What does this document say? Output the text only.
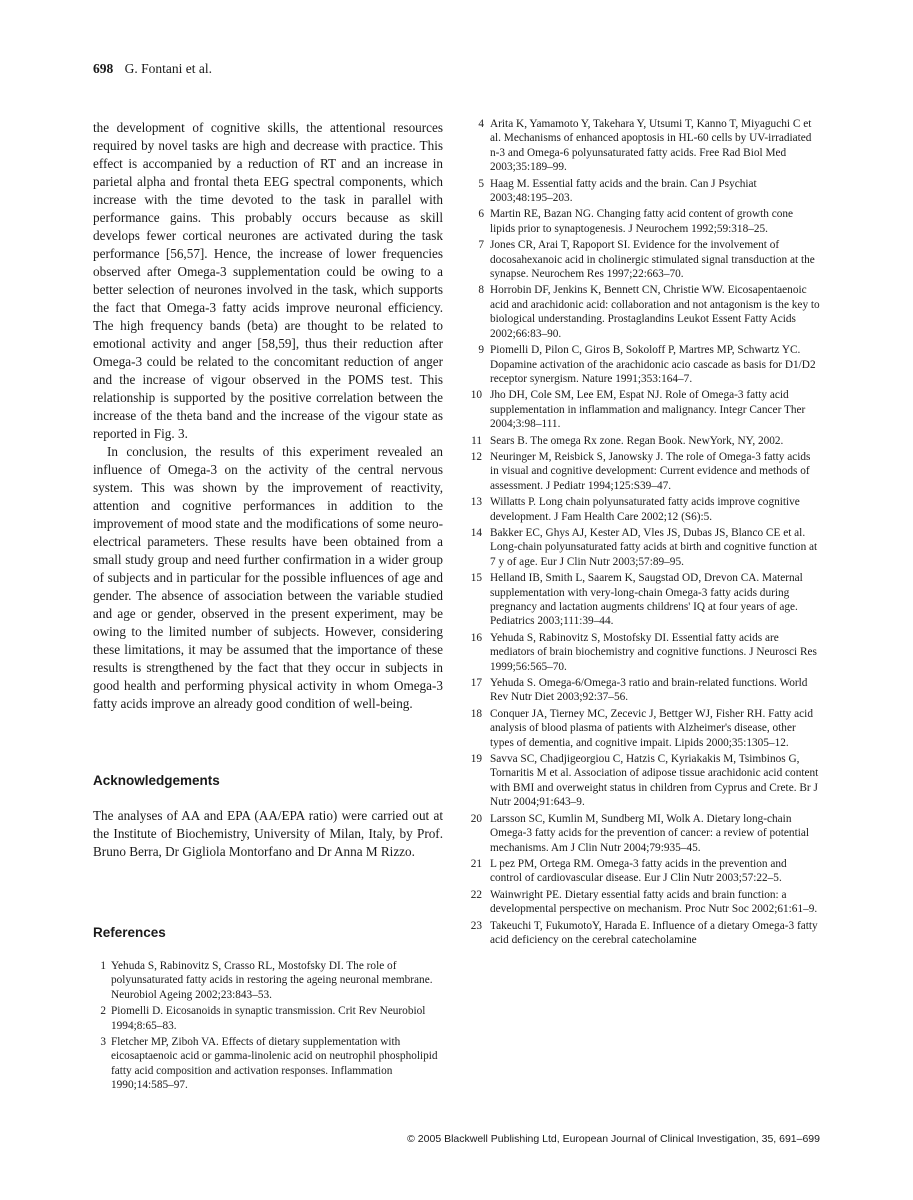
698 G. Fontani et al.

the development of cognitive skills, the attentional resources required by novel tasks are high and decrease with practice. This effect is accompanied by a reduction of RT and an increase in parietal alpha and frontal theta EEG spectral components, which increase with the time devoted to the task in parallel with performance gains. This probably occurs because as skill develops fewer cortical neurones are activated during the task performance [56,57]. Hence, the increase of lower frequencies observed after Omega-3 supplementation could be owing to a better selection of neurones involved in the task, which supports the fact that Omega-3 fatty acids improve neuronal efficiency. The high frequency bands (beta) are thought to be related to emotional activity and anger [58,59], thus their reduction after Omega-3 could be related to the concomitant reduction of anger and the increase of vigour observed in the POMS test. This relationship is supported by the positive correlation between the increase of the theta band and the increase of the vigour state as reported in Fig. 3.

In conclusion, the results of this experiment revealed an influence of Omega-3 on the activity of the central nervous system. This was shown by the improvement of reactivity, attention and cognitive performances in addition to the improvement of mood state and the modifications of some neuro-electrical parameters. These results have been obtained from a small study group and need further confirmation in a wider group of subjects and in particular for the possible influences of age and gender. The absence of association between the variable studied and age or gender, observed in the present experiment, may be owing to the limited number of subjects. However, considering these limitations, it may be assumed that the importance of these results is strengthened by the fact that they occur in subjects in good health and performing physical activity in whom Omega-3 fatty acids improve an already good condition of well-being.

Acknowledgements

The analyses of AA and EPA (AA/EPA ratio) were carried out at the Institute of Biochemistry, University of Milan, Italy, by Prof. Bruno Berra, Dr Gigliola Montorfano and Dr Anna M Rizzo.

References

1 Yehuda S, Rabinovitz S, Crasso RL, Mostofsky DI. The role of polyunsaturated fatty acids in restoring the ageing neuronal membrane. Neurobiol Ageing 2002;23:843–53.

2 Piomelli D. Eicosanoids in synaptic transmission. Crit Rev Neurobiol 1994;8:65–83.

3 Fletcher MP, Ziboh VA. Effects of dietary supplementation with eicosaptaenoic acid or gamma-linolenic acid on neutrophil phospholipid fatty acid composition and activation responses. Inflammation 1990;14:585–97.

4 Arita K, Yamamoto Y, Takehara Y, Utsumi T, Kanno T, Miyaguchi C et al. Mechanisms of enhanced apoptosis in HL-60 cells by UV-irradiated n-3 and Omega-6 polyunsaturated fatty acids. Free Rad Biol Med 2003;35:189–99.

5 Haag M. Essential fatty acids and the brain. Can J Psychiat 2003;48:195–203.

6 Martin RE, Bazan NG. Changing fatty acid content of growth cone lipids prior to synaptogenesis. J Neurochem 1992;59:318–25.

7 Jones CR, Arai T, Rapoport SI. Evidence for the involvement of docosahexanoic acid in cholinergic stimulated signal transduction at the synapse. Neurochem Res 1997;22:663–70.

8 Horrobin DF, Jenkins K, Bennett CN, Christie WW. Eicosapentaenoic acid and arachidonic acid: collaboration and not antagonism is the key to biological understanding. Prostaglandins Leukot Essent Fatty Acids 2002;66:83–90.

9 Piomelli D, Pilon C, Giros B, Sokoloff P, Martres MP, Schwartz YC. Dopamine activation of the arachidonic acio cascade as basis for D1/D2 receptor synergism. Nature 1991;353:164–7.

10 Jho DH, Cole SM, Lee EM, Espat NJ. Role of Omega-3 fatty acid supplementation in inflammation and malignancy. Integr Cancer Ther 2004;3:98–111.

11 Sears B. The omega Rx zone. Regan Book. NewYork, NY, 2002.

12 Neuringer M, Reisbick S, Janowsky J. The role of Omega-3 fatty acids in visual and cognitive development: Current evidence and methods of assessment. J Pediatr 1994;125:S39–47.

13 Willatts P. Long chain polyunsaturated fatty acids improve cognitive development. J Fam Health Care 2002;12 (S6):5.

14 Bakker EC, Ghys AJ, Kester AD, Vles JS, Dubas JS, Blanco CE et al. Long-chain polyunsaturated fatty acids at birth and cognitive function at 7 y of age. Eur J Clin Nutr 2003;57:89–95.

15 Helland IB, Smith L, Saarem K, Saugstad OD, Drevon CA. Maternal supplementation with very-long-chain Omega-3 fatty acids during pregnancy and lactation augments childrens' IQ at four years of age. Pediatrics 2003;111:39–44.

16 Yehuda S, Rabinovitz S, Mostofsky DI. Essential fatty acids are mediators of brain biochemistry and cognitive functions. J Neurosci Res 1999;56:565–70.

17 Yehuda S. Omega-6/Omega-3 ratio and brain-related functions. World Rev Nutr Diet 2003;92:37–56.

18 Conquer JA, Tierney MC, Zecevic J, Bettger WJ, Fisher RH. Fatty acid analysis of blood plasma of patients with Alzheimer's disease, other types of dementia, and cognitive impait. Lipids 2000;35:1305–12.

19 Savva SC, Chadjigeorgiou C, Hatzis C, Kyriakakis M, Tsimbinos G, Tornaritis M et al. Association of adipose tissue arachidonic acid content with BMI and overweight status in children from Cyprus and Crete. Br J Nutr 2004;91:643–9.

20 Larsson SC, Kumlin M, Sundberg MI, Wolk A. Dietary long-chain Omega-3 fatty acids for the prevention of cancer: a review of potential mechanisms. Am J Clin Nutr 2004;79:935–45.

21 L pez PM, Ortega RM. Omega-3 fatty acids in the prevention and control of cardiovascular disease. Eur J Clin Nutr 2003;57:22–5.

22 Wainwright PE. Dietary essential fatty acids and brain function: a developmental perspective on mechanism. Proc Nutr Soc 2002;61:61–9.

23 Takeuchi T, FukumotoY, Harada E. Influence of a dietary Omega-3 fatty acid deficiency on the cerebral catecholamine

© 2005 Blackwell Publishing Ltd, European Journal of Clinical Investigation, 35, 691–699
